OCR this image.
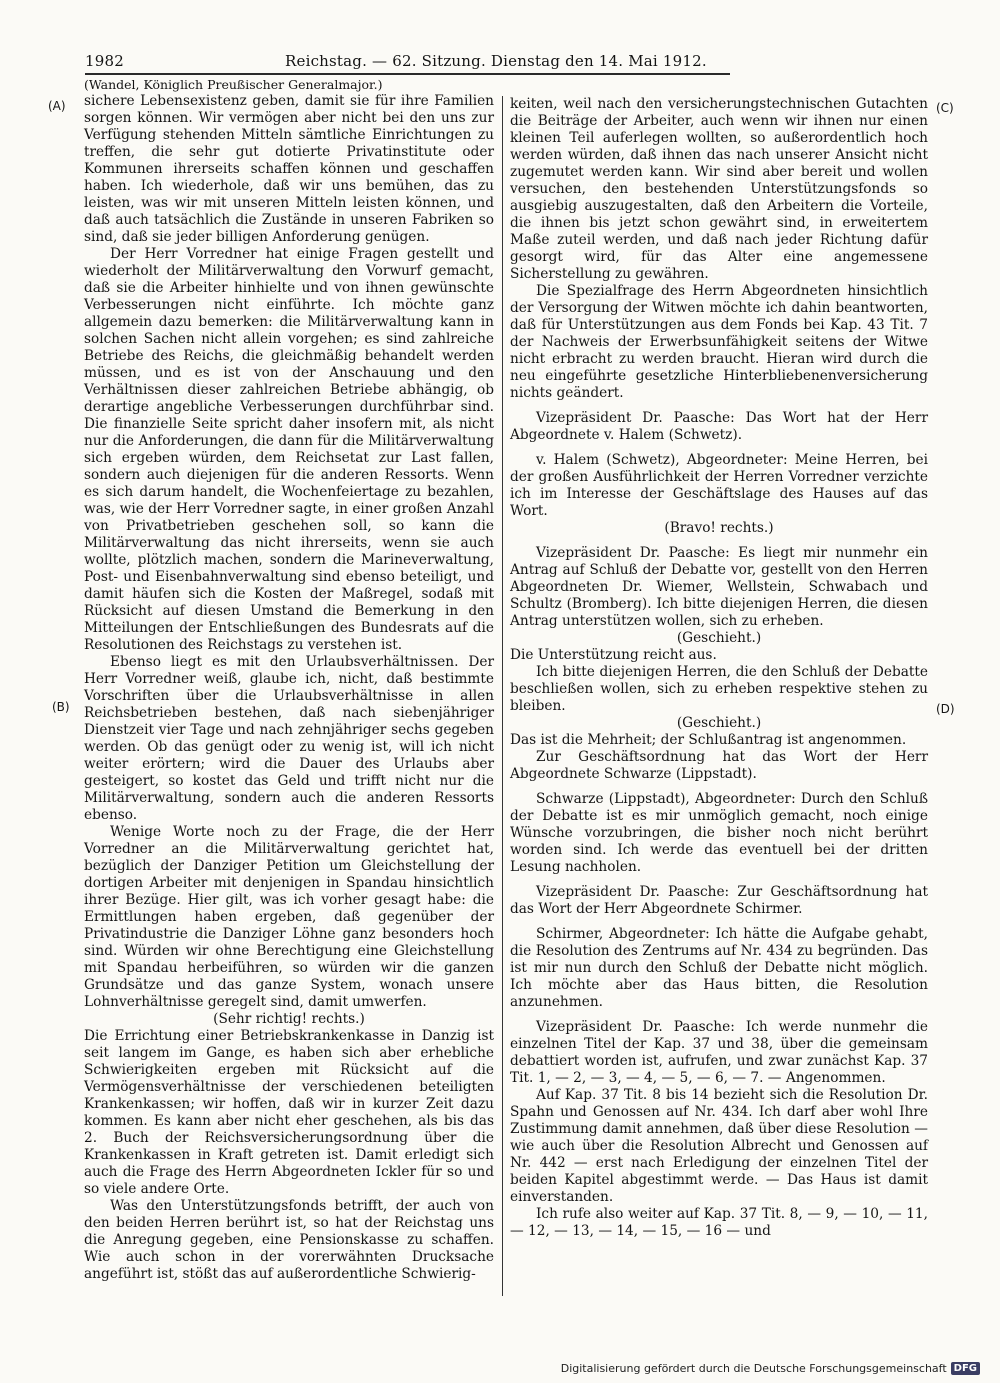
1982	Reichstag. — 62. Sitzung. Dienstag den 14. Mai 1912.
(A)
(B)
(C)
(D)

(Wandel, Königlich Preußischer Generalmajor.)

sichere Lebensexistenz geben, damit sie für ihre Familien sorgen können. Wir vermögen aber nicht bei den uns zur Verfügung stehenden Mitteln sämtliche Einrichtungen zu treffen, die sehr gut dotierte Privatinstitute oder Kommunen ihrerseits schaffen können und geschaffen haben. Ich wiederhole, daß wir uns bemühen, das zu leisten, was wir mit unseren Mitteln leisten können, und daß auch tatsächlich die Zustände in unseren Fabriken so sind, daß sie jeder billigen Anforderung genügen.

Der Herr Vorredner hat einige Fragen gestellt und wiederholt der Militärverwaltung den Vorwurf gemacht, daß sie die Arbeiter hinhielte und von ihnen gewünschte Verbesserungen nicht einführte. Ich möchte ganz allgemein dazu bemerken: die Militärverwaltung kann in solchen Sachen nicht allein vorgehen; es sind zahlreiche Betriebe des Reichs, die gleichmäßig behandelt werden müssen, und es ist von der Anschauung und den Verhältnissen dieser zahlreichen Betriebe abhängig, ob derartige angebliche Verbesserungen durchführbar sind. Die finanzielle Seite spricht daher insofern mit, als nicht nur die Anforderungen, die dann für die Militärverwaltung sich ergeben würden, dem Reichsetat zur Last fallen, sondern auch diejenigen für die anderen Ressorts. Wenn es sich darum handelt, die Wochenfeiertage zu bezahlen, was, wie der Herr Vorredner sagte, in einer großen Anzahl von Privatbetrieben geschehen soll, so kann die Militärverwaltung das nicht ihrerseits, wenn sie auch wollte, plötzlich machen, sondern die Marineverwaltung, Post- und Eisenbahnverwaltung sind ebenso beteiligt, und damit häufen sich die Kosten der Maßregel, sodaß mit Rücksicht auf diesen Umstand die Bemerkung in den Mitteilungen der Entschließungen des Bundesrats auf die Resolutionen des Reichstags zu verstehen ist.

Ebenso liegt es mit den Urlaubsverhältnissen. Der Herr Vorredner weiß, glaube ich, nicht, daß bestimmte Vorschriften über die Urlaubsverhältnisse in allen Reichsbetrieben bestehen, daß nach siebenjähriger Dienstzeit vier Tage und nach zehnjähriger sechs gegeben werden. Ob das genügt oder zu wenig ist, will ich nicht weiter erörtern; wird die Dauer des Urlaubs aber gesteigert, so kostet das Geld und trifft nicht nur die Militärverwaltung, sondern auch die anderen Ressorts ebenso.

Wenige Worte noch zu der Frage, die der Herr Vorredner an die Militärverwaltung gerichtet hat, bezüglich der Danziger Petition um Gleichstellung der dortigen Arbeiter mit denjenigen in Spandau hinsichtlich ihrer Bezüge. Hier gilt, was ich vorher gesagt habe: die Ermittlungen haben ergeben, daß gegenüber der Privatindustrie die Danziger Löhne ganz besonders hoch sind. Würden wir ohne Berechtigung eine Gleichstellung mit Spandau herbeiführen, so würden wir die ganzen Grundsätze und das ganze System, wonach unsere Lohnverhältnisse geregelt sind, damit umwerfen.

(Sehr richtig! rechts.)

Die Errichtung einer Betriebskrankenkasse in Danzig ist seit langem im Gange, es haben sich aber erhebliche Schwierigkeiten ergeben mit Rücksicht auf die Vermögensverhältnisse der verschiedenen beteiligten Krankenkassen; wir hoffen, daß wir in kurzer Zeit dazu kommen. Es kann aber nicht eher geschehen, als bis das 2. Buch der Reichsversicherungsordnung über die Krankenkassen in Kraft getreten ist. Damit erledigt sich auch die Frage des Herrn Abgeordneten Ickler für so und so viele andere Orte.

Was den Unterstützungsfonds betrifft, der auch von den beiden Herren berührt ist, so hat der Reichstag uns die Anregung gegeben, eine Pensionskasse zu schaffen. Wie auch schon in der vorerwähnten Drucksache angeführt ist, stößt das auf außerordentliche Schwierig-

keiten, weil nach den versicherungstechnischen Gutachten die Beiträge der Arbeiter, auch wenn wir ihnen nur einen kleinen Teil auferlegen wollten, so außerordentlich hoch werden würden, daß ihnen das nach unserer Ansicht nicht zugemutet werden kann. Wir sind aber bereit und wollen versuchen, den bestehenden Unterstützungsfonds so ausgiebig auszugestalten, daß den Arbeitern die Vorteile, die ihnen bis jetzt schon gewährt sind, in erweitertem Maße zuteil werden, und daß nach jeder Richtung dafür gesorgt wird, für das Alter eine angemessene Sicherstellung zu gewähren.

Die Spezialfrage des Herrn Abgeordneten hinsichtlich der Versorgung der Witwen möchte ich dahin beantworten, daß für Unterstützungen aus dem Fonds bei Kap. 43 Tit. 7 der Nachweis der Erwerbsunfähigkeit seitens der Witwe nicht erbracht zu werden braucht. Hieran wird durch die neu eingeführte gesetzliche Hinterbliebenenversicherung nichts geändert.

Vizepräsident Dr. Paasche: Das Wort hat der Herr Abgeordnete v. Halem (Schwetz).

v. Halem (Schwetz), Abgeordneter: Meine Herren, bei der großen Ausführlichkeit der Herren Vorredner verzichte ich im Interesse der Geschäftslage des Hauses auf das Wort.

(Bravo! rechts.)

Vizepräsident Dr. Paasche: Es liegt mir nunmehr ein Antrag auf Schluß der Debatte vor, gestellt von den Herren Abgeordneten Dr. Wiemer, Wellstein, Schwabach und Schultz (Bromberg). Ich bitte diejenigen Herren, die diesen Antrag unterstützen wollen, sich zu erheben.

(Geschieht.)

Die Unterstützung reicht aus.

Ich bitte diejenigen Herren, die den Schluß der Debatte beschließen wollen, sich zu erheben respektive stehen zu bleiben.

(Geschieht.)

Das ist die Mehrheit; der Schlußantrag ist angenommen.

Zur Geschäftsordnung hat das Wort der Herr Abgeordnete Schwarze (Lippstadt).

Schwarze (Lippstadt), Abgeordneter: Durch den Schluß der Debatte ist es mir unmöglich gemacht, noch einige Wünsche vorzubringen, die bisher noch nicht berührt worden sind. Ich werde das eventuell bei der dritten Lesung nachholen.

Vizepräsident Dr. Paasche: Zur Geschäftsordnung hat das Wort der Herr Abgeordnete Schirmer.

Schirmer, Abgeordneter: Ich hätte die Aufgabe gehabt, die Resolution des Zentrums auf Nr. 434 zu begründen. Das ist mir nun durch den Schluß der Debatte nicht möglich. Ich möchte aber das Haus bitten, die Resolution anzunehmen.

Vizepräsident Dr. Paasche: Ich werde nunmehr die einzelnen Titel der Kap. 37 und 38, über die gemeinsam debattiert worden ist, aufrufen, und zwar zunächst Kap. 37 Tit. 1, — 2, — 3, — 4, — 5, — 6, — 7. — Angenommen.

Auf Kap. 37 Tit. 8 bis 14 bezieht sich die Resolution Dr. Spahn und Genossen auf Nr. 434. Ich darf aber wohl Ihre Zustimmung damit annehmen, daß über diese Resolution — wie auch über die Resolution Albrecht und Genossen auf Nr. 442 — erst nach Erledigung der einzelnen Titel der beiden Kapitel abgestimmt werde. — Das Haus ist damit einverstanden.

Ich rufe also weiter auf Kap. 37 Tit. 8, — 9, — 10, — 11, — 12, — 13, — 14, — 15, — 16 — und

Digitalisierung gefördert durch die Deutsche Forschungsgemeinschaft DFG
